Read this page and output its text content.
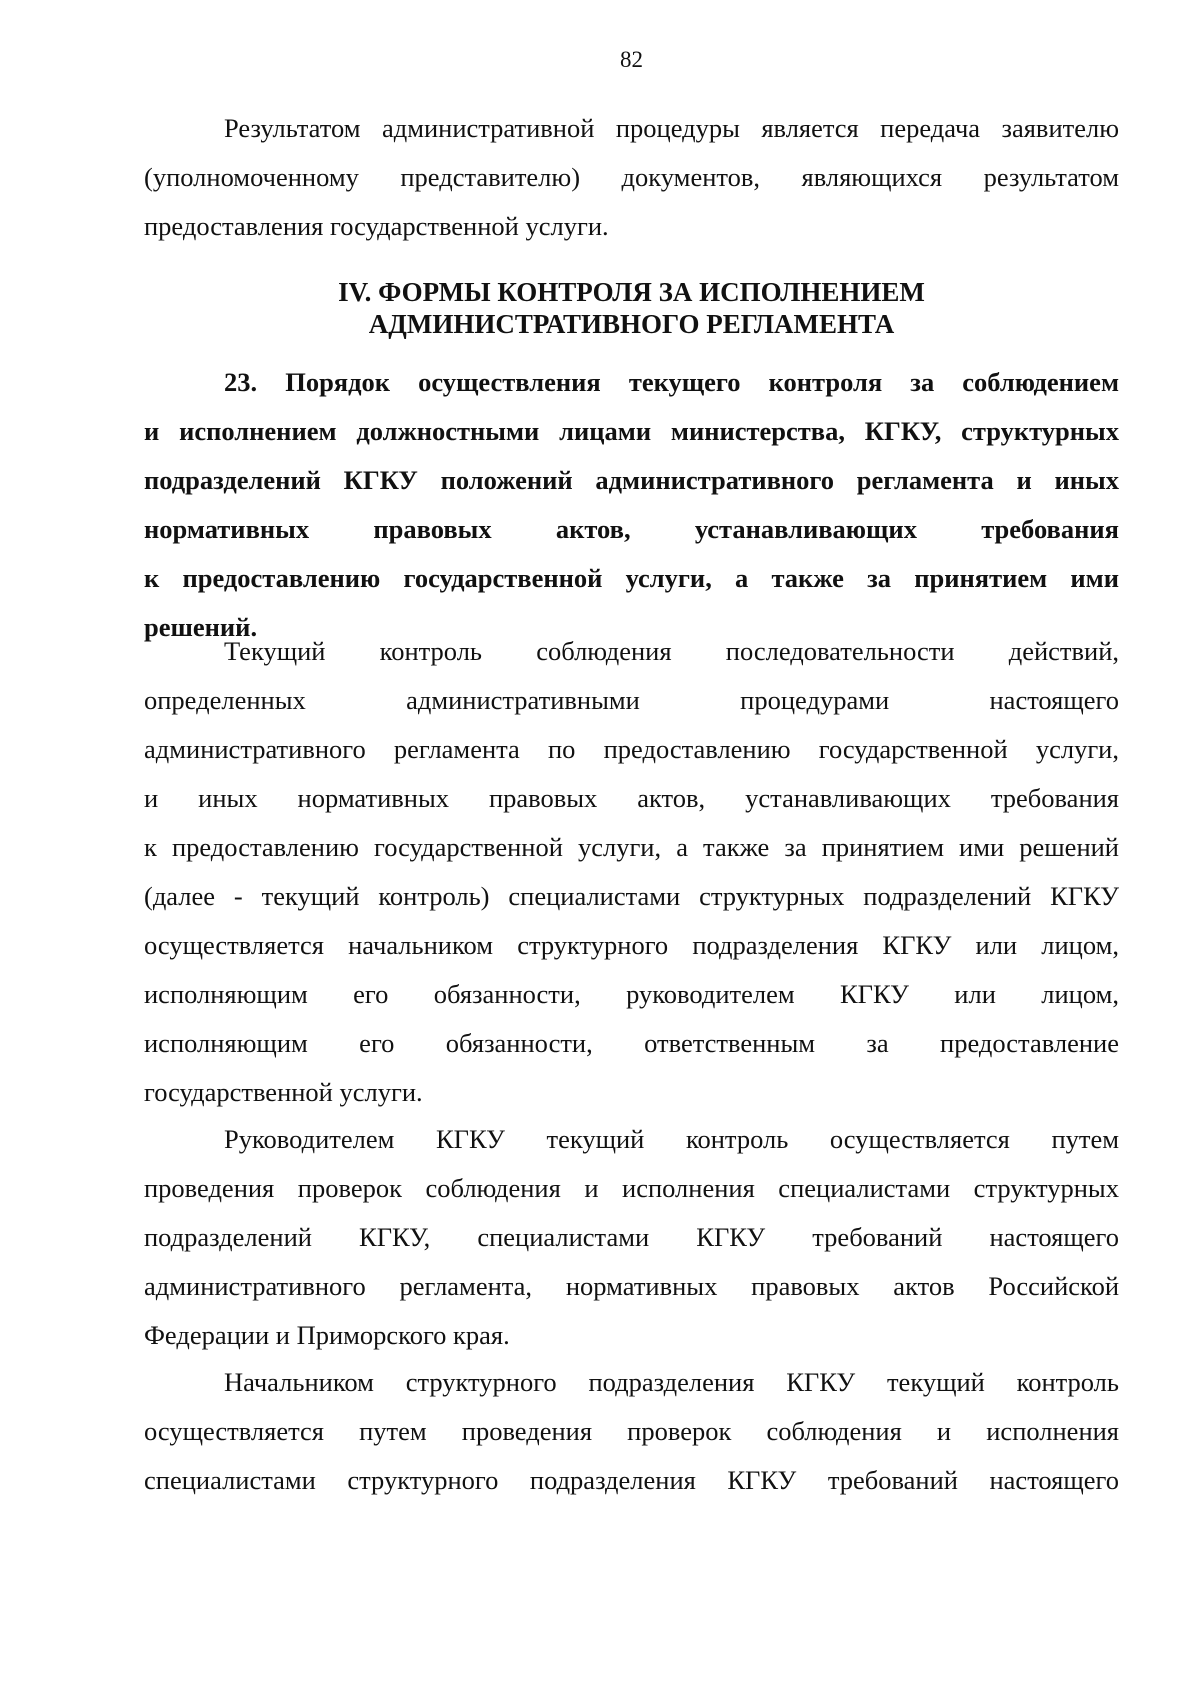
82
Результатом административной процедуры является передача заявителю
(уполномоченному представителю) документов, являющихся результатом
предоставления государственной услуги.
IV. ФОРМЫ КОНТРОЛЯ ЗА ИСПОЛНЕНИЕМ
АДМИНИСТРАТИВНОГО РЕГЛАМЕНТА
23. Порядок осуществления текущего контроля за соблюдением
и исполнением должностными лицами министерства, КГКУ, структурных
подразделений КГКУ положений административного регламента и иных
нормативных правовых актов, устанавливающих требования
к предоставлению государственной услуги, а также за принятием ими
решений.
Текущий контроль соблюдения последовательности действий,
определенных административными процедурами настоящего
административного регламента по предоставлению государственной услуги,
и иных нормативных правовых актов, устанавливающих требования
к предоставлению государственной услуги, а также за принятием ими решений
(далее - текущий контроль) специалистами структурных подразделений КГКУ
осуществляется начальником структурного подразделения КГКУ или лицом,
исполняющим его обязанности, руководителем КГКУ или лицом,
исполняющим его обязанности, ответственным за предоставление
государственной услуги.
Руководителем КГКУ текущий контроль осуществляется путем
проведения проверок соблюдения и исполнения специалистами структурных
подразделений КГКУ, специалистами КГКУ требований настоящего
административного регламента, нормативных правовых актов Российской
Федерации и Приморского края.
Начальником структурного подразделения КГКУ текущий контроль
осуществляется путем проведения проверок соблюдения и исполнения
специалистами структурного подразделения КГКУ требований настоящего
